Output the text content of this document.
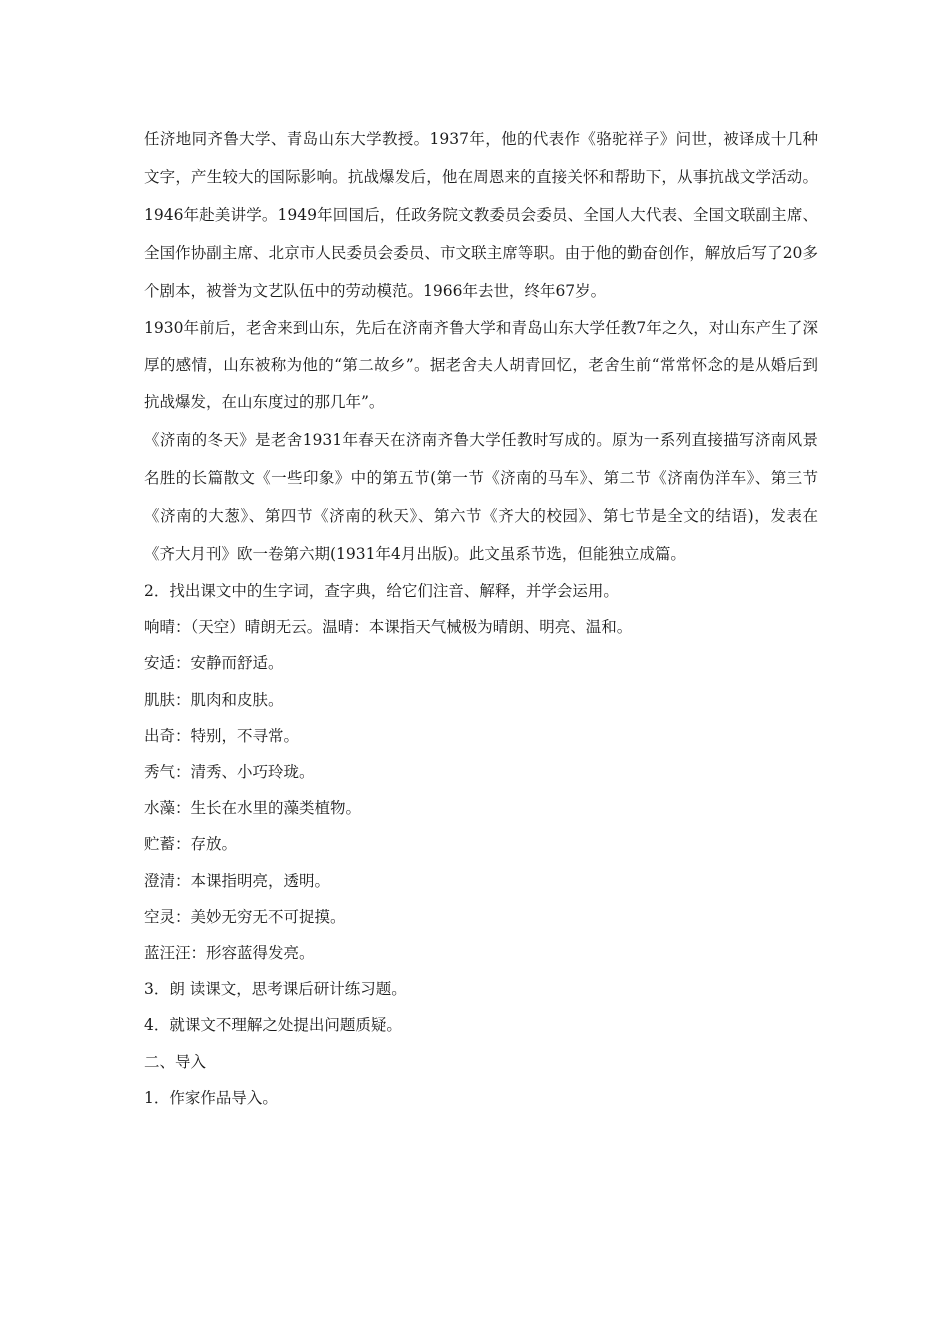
任济地同齐鲁大学、青岛山东大学教授。1937年，他的代表作《骆驼祥子》问世，被译成十几种文字，产生较大的国际影响。抗战爆发后，他在周恩来的直接关怀和帮助下，从事抗战文学活动。1946年赴美讲学。1949年回国后，任政务院文教委员会委员、全国人大代表、全国文联副主席、全国作协副主席、北京市人民委员会委员、市文联主席等职。由于他的勤奋创作，解放后写了20多个剧本，被誉为文艺队伍中的劳动模范。1966年去世，终年67岁。

1930年前后，老舍来到山东，先后在济南齐鲁大学和青岛山东大学任教7年之久，对山东产生了深厚的感情，山东被称为他的“第二故乡”。据老舍夫人胡青回忆，老舍生前“常常怀念的是从婚后到抗战爆发，在山东度过的那几年”。

《济南的冬天》是老舍1931年春天在济南齐鲁大学任教时写成的。原为一系列直接描写济南风景名胜的长篇散文《一些印象》中的第五节(第一节《济南的马车》、第二节《济南伪洋车》、第三节《济南的大葱》、第四节《济南的秋天》、第六节《齐大的校园》、第七节是全文的结语)，发表在《齐大月刊》欧一卷第六期(1931年4月出版)。此文虽系节选，但能独立成篇。

2．找出课文中的生字词，查字典，给它们注音、解释，并学会运用。

响晴：（天空）晴朗无云。温晴：本课指天气械极为晴朗、明亮、温和。

安适：安静而舒适。

肌肤：肌肉和皮肤。

出奇：特别，不寻常。

秀气：清秀、小巧玲珑。

水藻：生长在水里的藻类植物。

贮蓄：存放。

澄清：本课指明亮，透明。

空灵：美妙无穷无不可捉摸。

蓝汪汪：形容蓝得发亮。

3．朗 读课文，思考课后研计练习题。

4．就课文不理解之处提出问题质疑。

二、导入

1．作家作品导入。
